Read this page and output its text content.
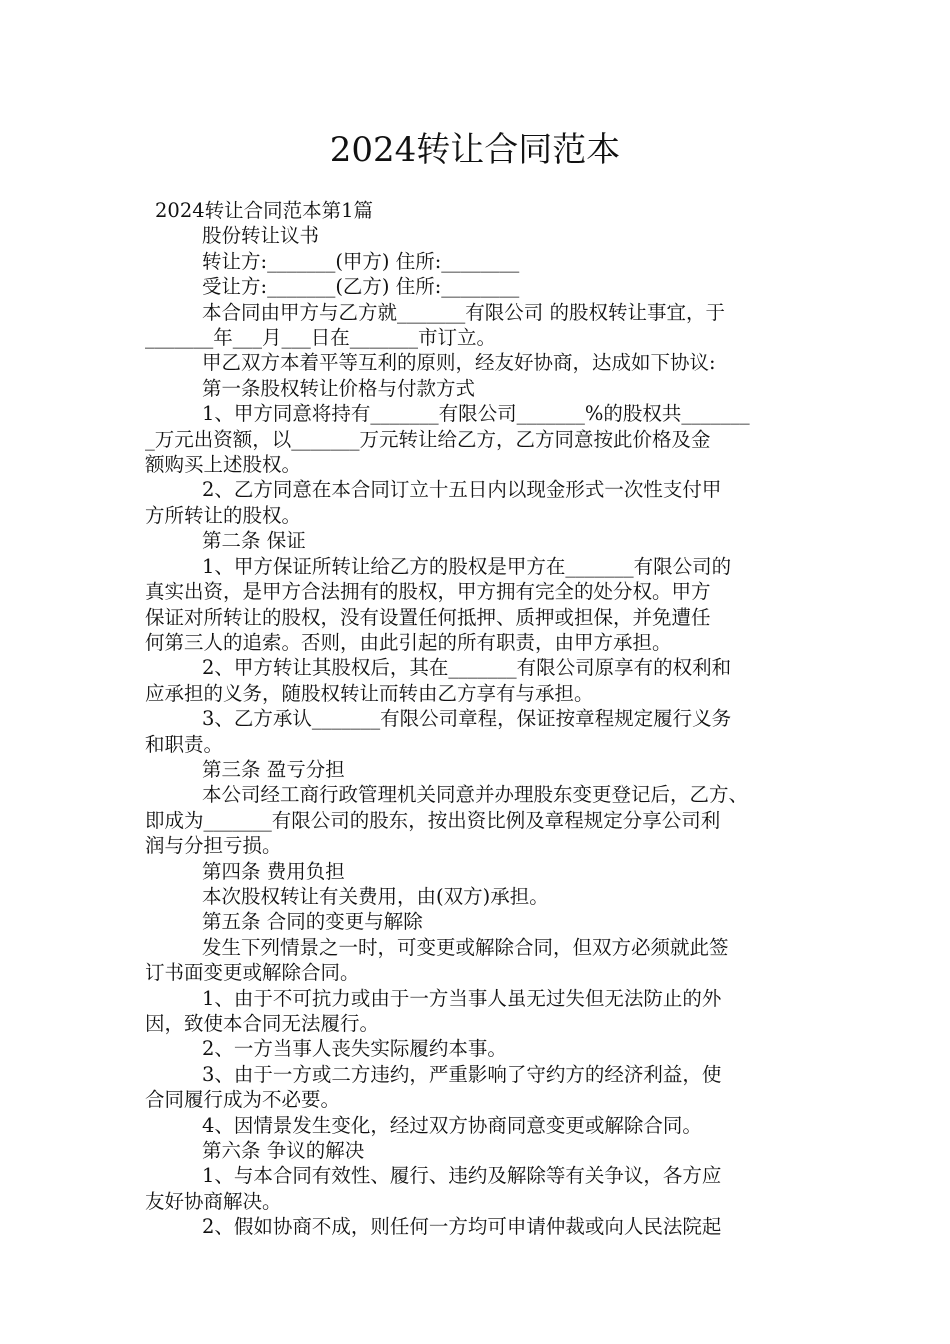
2024转让合同范本
2024转让合同范本第1篇
股份转让议书
转让方:_______(甲方) 住所:________
受让方:_______(乙方) 住所:________
本合同由甲方与乙方就_______有限公司 的股权转让事宜，于
_______年___月___日在_______市订立。
甲乙双方本着平等互利的原则，经友好协商，达成如下协议:
第一条股权转让价格与付款方式
1、甲方同意将持有_______有限公司_______%的股权共_______
_万元出资额，以_______万元转让给乙方，乙方同意按此价格及金
额购买上述股权。
2、乙方同意在本合同订立十五日内以现金形式一次性支付甲
方所转让的股权。
第二条 保证
1、甲方保证所转让给乙方的股权是甲方在_______有限公司的
真实出资，是甲方合法拥有的股权，甲方拥有完全的处分权。甲方
保证对所转让的股权，没有设置任何抵押、质押或担保，并免遭任
何第三人的追索。否则，由此引起的所有职责，由甲方承担。
2、甲方转让其股权后，其在_______有限公司原享有的权利和
应承担的义务，随股权转让而转由乙方享有与承担。
3、乙方承认_______有限公司章程，保证按章程规定履行义务
和职责。
第三条 盈亏分担
本公司经工商行政管理机关同意并办理股东变更登记后，乙方、
即成为_______有限公司的股东，按出资比例及章程规定分享公司利
润与分担亏损。
第四条 费用负担
本次股权转让有关费用，由(双方)承担。
第五条 合同的变更与解除
发生下列情景之一时，可变更或解除合同，但双方必须就此签
订书面变更或解除合同。
1、由于不可抗力或由于一方当事人虽无过失但无法防止的外
因，致使本合同无法履行。
2、一方当事人丧失实际履约本事。
3、由于一方或二方违约，严重影响了守约方的经济利益，使
合同履行成为不必要。
4、因情景发生变化，经过双方协商同意变更或解除合同。
第六条 争议的解决
1、与本合同有效性、履行、违约及解除等有关争议，各方应
友好协商解决。
2、假如协商不成，则任何一方均可申请仲裁或向人民法院起
